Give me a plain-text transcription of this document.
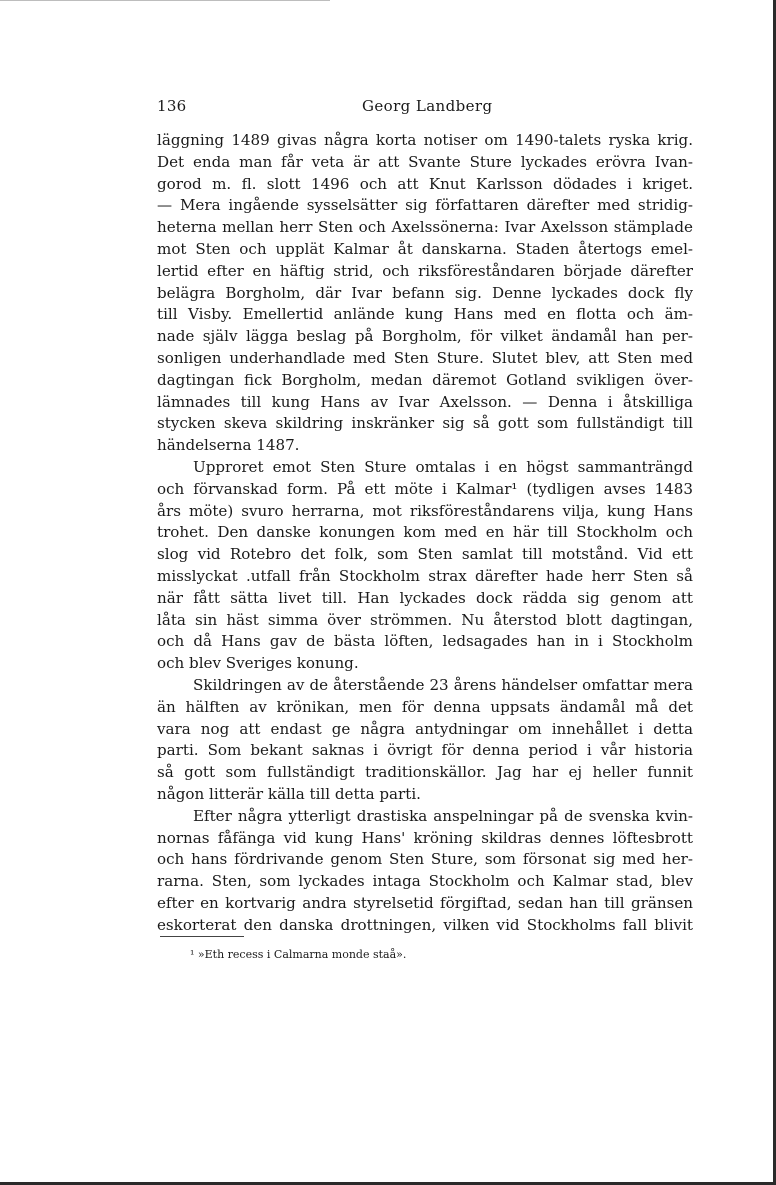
136	Georg Landberg
läggning 1489 givas några korta notiser om 1490-talets ryska krig.
Det enda man får veta är att Svante Sture lyckades erövra Ivan-
gorod m. fl. slott 1496 och att Knut Karlsson dödades i kriget.
— Mera ingående sysselsätter sig författaren därefter med stridig-
heterna mellan herr Sten och Axelssönerna: Ivar Axelsson stämplade
mot Sten och upplät Kalmar åt danskarna. Staden återtogs emel-
lertid efter en häftig strid, och riksföreståndaren började därefter
belägra Borgholm, där Ivar befann sig. Denne lyckades dock fly
till Visby. Emellertid anlände kung Hans med en flotta och äm-
nade själv lägga beslag på Borgholm, för vilket ändamål han per-
sonligen underhandlade med Sten Sture. Slutet blev, att Sten med
dagtingan fick Borgholm, medan däremot Gotland svikligen över-
lämnades till kung Hans av Ivar Axelsson. — Denna i åtskilliga
stycken skeva skildring inskränker sig så gott som fullständigt till
händelserna 1487.
Upproret emot Sten Sture omtalas i en högst sammanträngd
och förvanskad form. På ett möte i Kalmar¹ (tydligen avses 1483
års möte) svuro herrarna, mot riksföreståndarens vilja, kung Hans
trohet. Den danske konungen kom med en här till Stockholm och
slog vid Rotebro det folk, som Sten samlat till motstånd. Vid ett
misslyckat .utfall från Stockholm strax därefter hade herr Sten så
när fått sätta livet till. Han lyckades dock rädda sig genom att
låta sin häst simma över strömmen. Nu återstod blott dagtingan,
och då Hans gav de bästa löften, ledsagades han in i Stockholm
och blev Sveriges konung.
Skildringen av de återstående 23 årens händelser omfattar mera
än hälften av krönikan, men för denna uppsats ändamål må det
vara nog att endast ge några antydningar om innehållet i detta
parti. Som bekant saknas i övrigt för denna period i vår historia
så gott som fullständigt traditionskällor. Jag har ej heller funnit
någon litterär källa till detta parti.
Efter några ytterligt drastiska anspelningar på de svenska kvin-
nornas fåfänga vid kung Hans' kröning skildras dennes löftesbrott
och hans fördrivande genom Sten Sture, som försonat sig med her-
rarna. Sten, som lyckades intaga Stockholm och Kalmar stad, blev
efter en kortvarig andra styrelsetid förgiftad, sedan han till gränsen
eskorterat den danska drottningen, vilken vid Stockholms fall blivit
¹ »Eth recess i Calmarna monde staå».
